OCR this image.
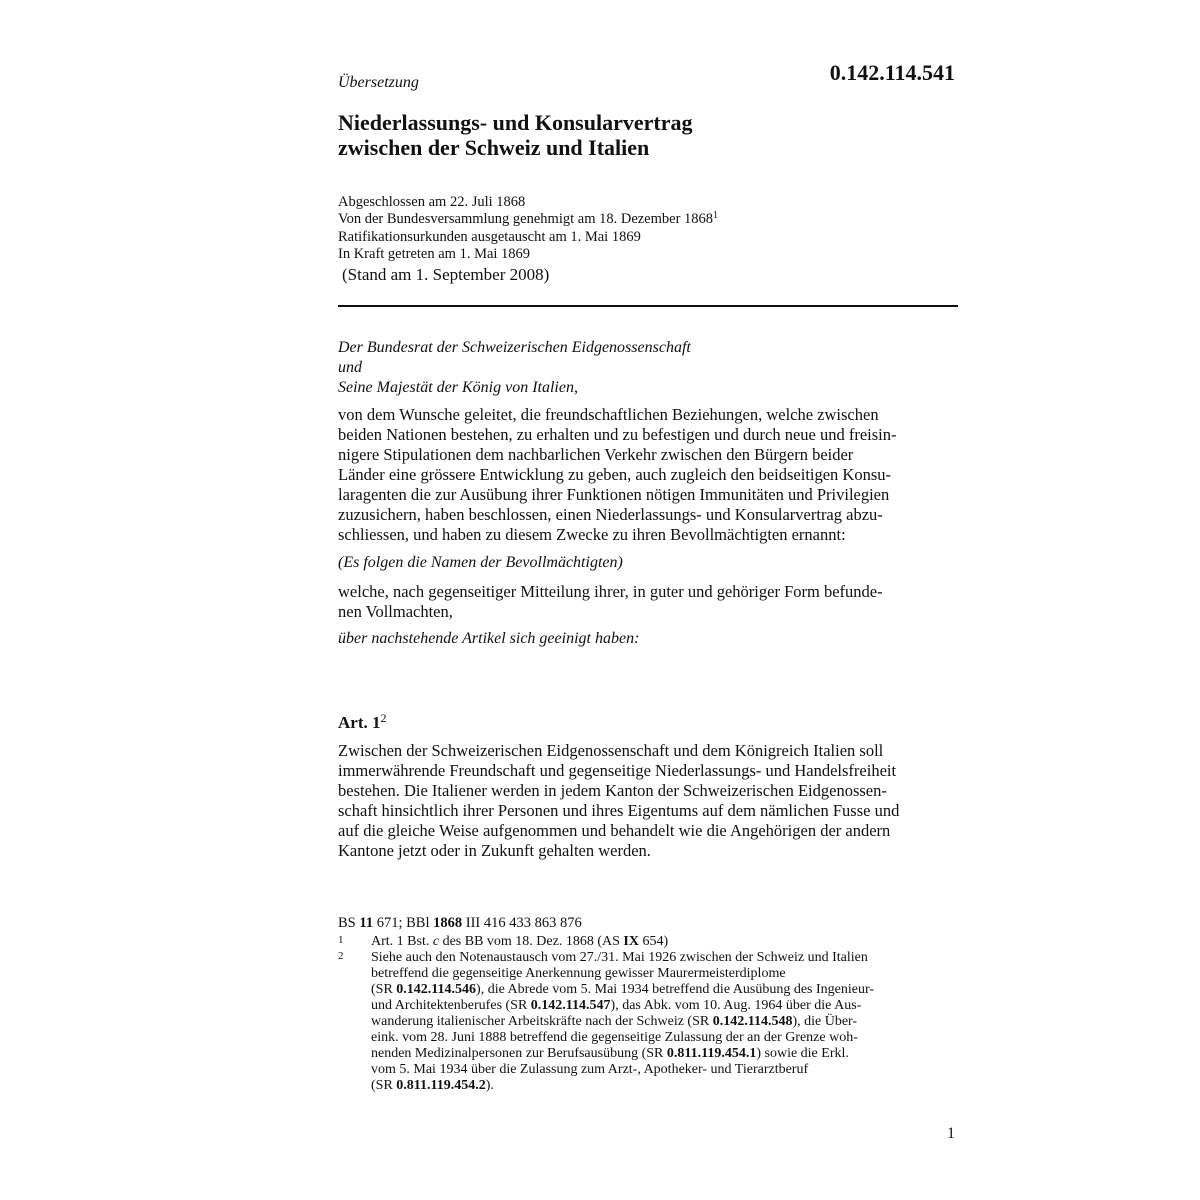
Übersetzung	0.142.114.541
Niederlassungs- und Konsularvertrag
zwischen der Schweiz und Italien
Abgeschlossen am 22. Juli 1868
Von der Bundesversammlung genehmigt am 18. Dezember 1868$^1$
Ratifikationsurkunden ausgetauscht am 1. Mai 1869
In Kraft getreten am 1. Mai 1869
(Stand am 1. September 2008)
Der Bundesrat der Schweizerischen Eidgenossenschaft
und
Seine Majestät der König von Italien,
von dem Wunsche geleitet, die freundschaftlichen Beziehungen, welche zwischen
beiden Nationen bestehen, zu erhalten und zu befestigen und durch neue und freisin-
nigere Stipulationen dem nachbarlichen Verkehr zwischen den Bürgern beider
Länder eine grössere Entwicklung zu geben, auch zugleich den beidseitigen Konsu-
laragenten die zur Ausübung ihrer Funktionen nötigen Immunitäten und Privilegien
zuzusichern, haben beschlossen, einen Niederlassungs- und Konsularvertrag abzu-
schliessen, und haben zu diesem Zwecke zu ihren Bevollmächtigten ernannt:
(Es folgen die Namen der Bevollmächtigten)
welche, nach gegenseitiger Mitteilung ihrer, in guter und gehöriger Form befunde-
nen Vollmachten,
über nachstehende Artikel sich geeinigt haben:
Art. 1$^2$
Zwischen der Schweizerischen Eidgenossenschaft und dem Königreich Italien soll
immerwährende Freundschaft und gegenseitige Niederlassungs- und Handelsfreiheit
bestehen. Die Italiener werden in jedem Kanton der Schweizerischen Eidgenossen-
schaft hinsichtlich ihrer Personen und ihres Eigentums auf dem nämlichen Fusse und
auf die gleiche Weise aufgenommen und behandelt wie die Angehörigen der andern
Kantone jetzt oder in Zukunft gehalten werden.
BS 11 671; BBl 1868 III 416 433 863 876
1 Art. 1 Bst. c des BB vom 18. Dez. 1868 (AS IX 654)
2 Siehe auch den Notenaustausch vom 27./31. Mai 1926 zwischen der Schweiz und Italien
betreffend die gegenseitige Anerkennung gewisser Maurermeisterdiplome
(SR 0.142.114.546), die Abrede vom 5. Mai 1934 betreffend die Ausübung des Ingenieur-
und Architektenberufes (SR 0.142.114.547), das Abk. vom 10. Aug. 1964 über die Aus-
wanderung italienischer Arbeitskräfte nach der Schweiz (SR 0.142.114.548), die Über-
eink. vom 28. Juni 1888 betreffend die gegenseitige Zulassung der an der Grenze woh-
nenden Medizinalpersonen zur Berufsausübung (SR 0.811.119.454.1) sowie die Erkl.
vom 5. Mai 1934 über die Zulassung zum Arzt-, Apotheker- und Tierarztberuf
(SR 0.811.119.454.2).
1
